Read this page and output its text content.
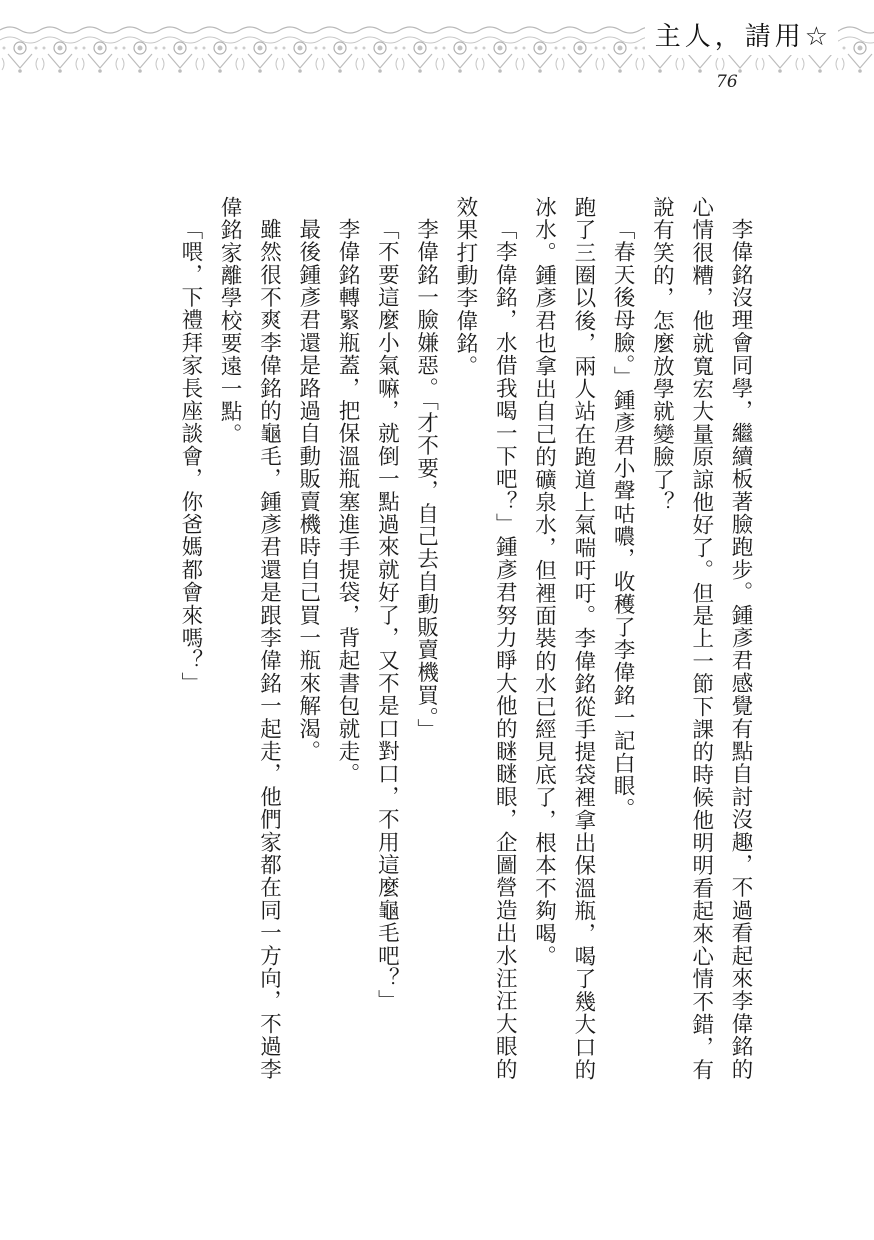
主人，請用☆
76

李偉銘沒理會同學，繼續板著臉跑步。鍾彥君感覺有點自討沒趣，不過看起來李偉銘的心情很糟，他就寬宏大量原諒他好了。但是上一節下課的時候他明明看起來心情不錯，有說有笑的，怎麼放學就變臉了？

「春天後母臉。」鍾彥君小聲咕噥，收穫了李偉銘一記白眼。

跑了三圈以後，兩人站在跑道上氣喘吁吁。李偉銘從手提袋裡拿出保溫瓶，喝了幾大口的冰水。鍾彥君也拿出自己的礦泉水，但裡面裝的水已經見底了，根本不夠喝。

「李偉銘，水借我喝一下吧？」鍾彥君努力睜大他的瞇瞇眼，企圖營造出水汪汪大眼的效果打動李偉銘。

李偉銘一臉嫌惡。「才不要，自己去自動販賣機買。」

「不要這麼小氣嘛，就倒一點過來就好了，又不是口對口，不用這麼龜毛吧？」

李偉銘轉緊瓶蓋，把保溫瓶塞進手提袋，背起書包就走。

最後鍾彥君還是路過自動販賣機時自己買一瓶來解渴。

雖然很不爽李偉銘的龜毛，鍾彥君還是跟李偉銘一起走，他們家都在同一方向，不過李偉銘家離學校要遠一點。

「喂，下禮拜家長座談會，你爸媽都會來嗎？」
